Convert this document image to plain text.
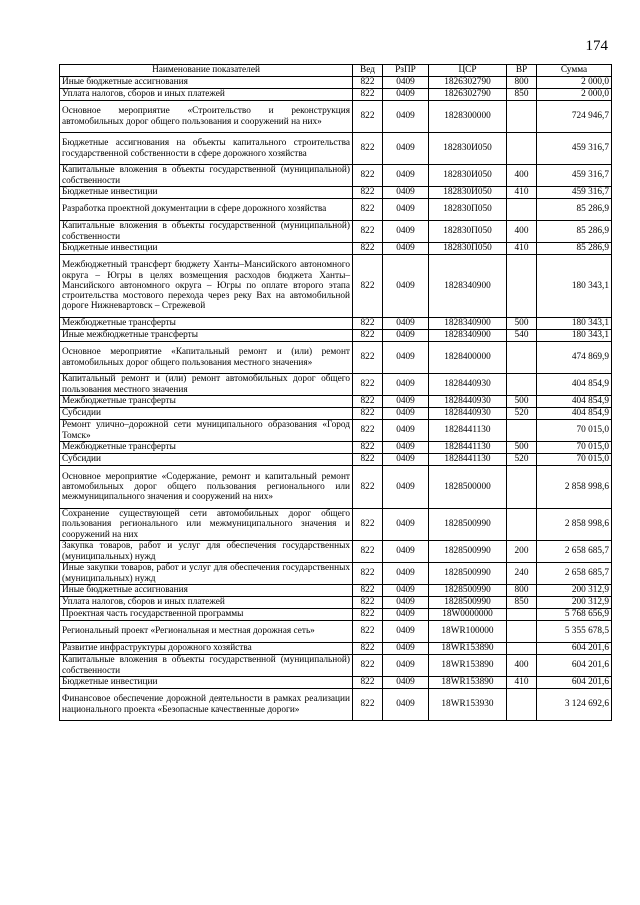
174
Наименование показателей	Вед	РзПР	ЦСР	ВР	Сумма
Иные бюджетные ассигнования	822	0409	1826302790	800	2 000,0
Уплата налогов, сборов и иных платежей	822	0409	1826302790	850	2 000,0
Основное мероприятие «Строительство и реконструкция автомобильных дорог общего пользования и сооружений на них»	822	0409	1828300000		724 946,7
Бюджетные ассигнования на объекты капитального строительства государственной собственности в сфере дорожного хозяйства	822	0409	182830И050		459 316,7
Капитальные вложения в объекты государственной (муниципальной) собственности	822	0409	182830И050	400	459 316,7
Бюджетные инвестиции	822	0409	182830И050	410	459 316,7
Разработка проектной документации в сфере дорожного хозяйства	822	0409	182830П050		85 286,9
Капитальные вложения в объекты государственной (муниципальной) собственности	822	0409	182830П050	400	85 286,9
Бюджетные инвестиции	822	0409	182830П050	410	85 286,9
Межбюджетный трансферт бюджету Ханты–Мансийского автономного округа – Югры в целях возмещения расходов бюджета Ханты–Мансийского автономного округа – Югры по оплате второго этапа строительства мостового перехода через реку Вах на автомобильной дороге Нижневартовск – Стрежевой	822	0409	1828340900		180 343,1
Межбюджетные трансферты	822	0409	1828340900	500	180 343,1
Иные межбюджетные трансферты	822	0409	1828340900	540	180 343,1
Основное мероприятие «Капитальный ремонт и (или) ремонт автомобильных дорог общего пользования местного значения»	822	0409	1828400000		474 869,9
Капитальный ремонт и (или) ремонт автомобильных дорог общего пользования местного значения	822	0409	1828440930		404 854,9
Межбюджетные трансферты	822	0409	1828440930	500	404 854,9
Субсидии	822	0409	1828440930	520	404 854,9
Ремонт улично–дорожной сети муниципального образования «Город Томск»	822	0409	1828441130		70 015,0
Межбюджетные трансферты	822	0409	1828441130	500	70 015,0
Субсидии	822	0409	1828441130	520	70 015,0
Основное мероприятие «Содержание, ремонт и капитальный ремонт автомобильных дорог общего пользования регионального или межмуниципального значения и сооружений на них»	822	0409	1828500000		2 858 998,6
Сохранение существующей сети автомобильных дорог общего пользования регионального или межмуниципального значения и сооружений на них	822	0409	1828500990		2 858 998,6
Закупка товаров, работ и услуг для обеспечения государственных (муниципальных) нужд	822	0409	1828500990	200	2 658 685,7
Иные закупки товаров, работ и услуг для обеспечения государственных (муниципальных) нужд	822	0409	1828500990	240	2 658 685,7
Иные бюджетные ассигнования	822	0409	1828500990	800	200 312,9
Уплата налогов, сборов и иных платежей	822	0409	1828500990	850	200 312,9
Проектная часть государственной программы	822	0409	18W0000000		5 768 656,9
Региональный проект «Региональная и местная дорожная сеть»	822	0409	18WR100000		5 355 678,5
Развитие инфраструктуры дорожного хозяйства	822	0409	18WR153890		604 201,6
Капитальные вложения в объекты государственной (муниципальной) собственности	822	0409	18WR153890	400	604 201,6
Бюджетные инвестиции	822	0409	18WR153890	410	604 201,6
Финансовое обеспечение дорожной деятельности в рамках реализации национального проекта «Безопасные качественные дороги»	822	0409	18WR153930		3 124 692,6
